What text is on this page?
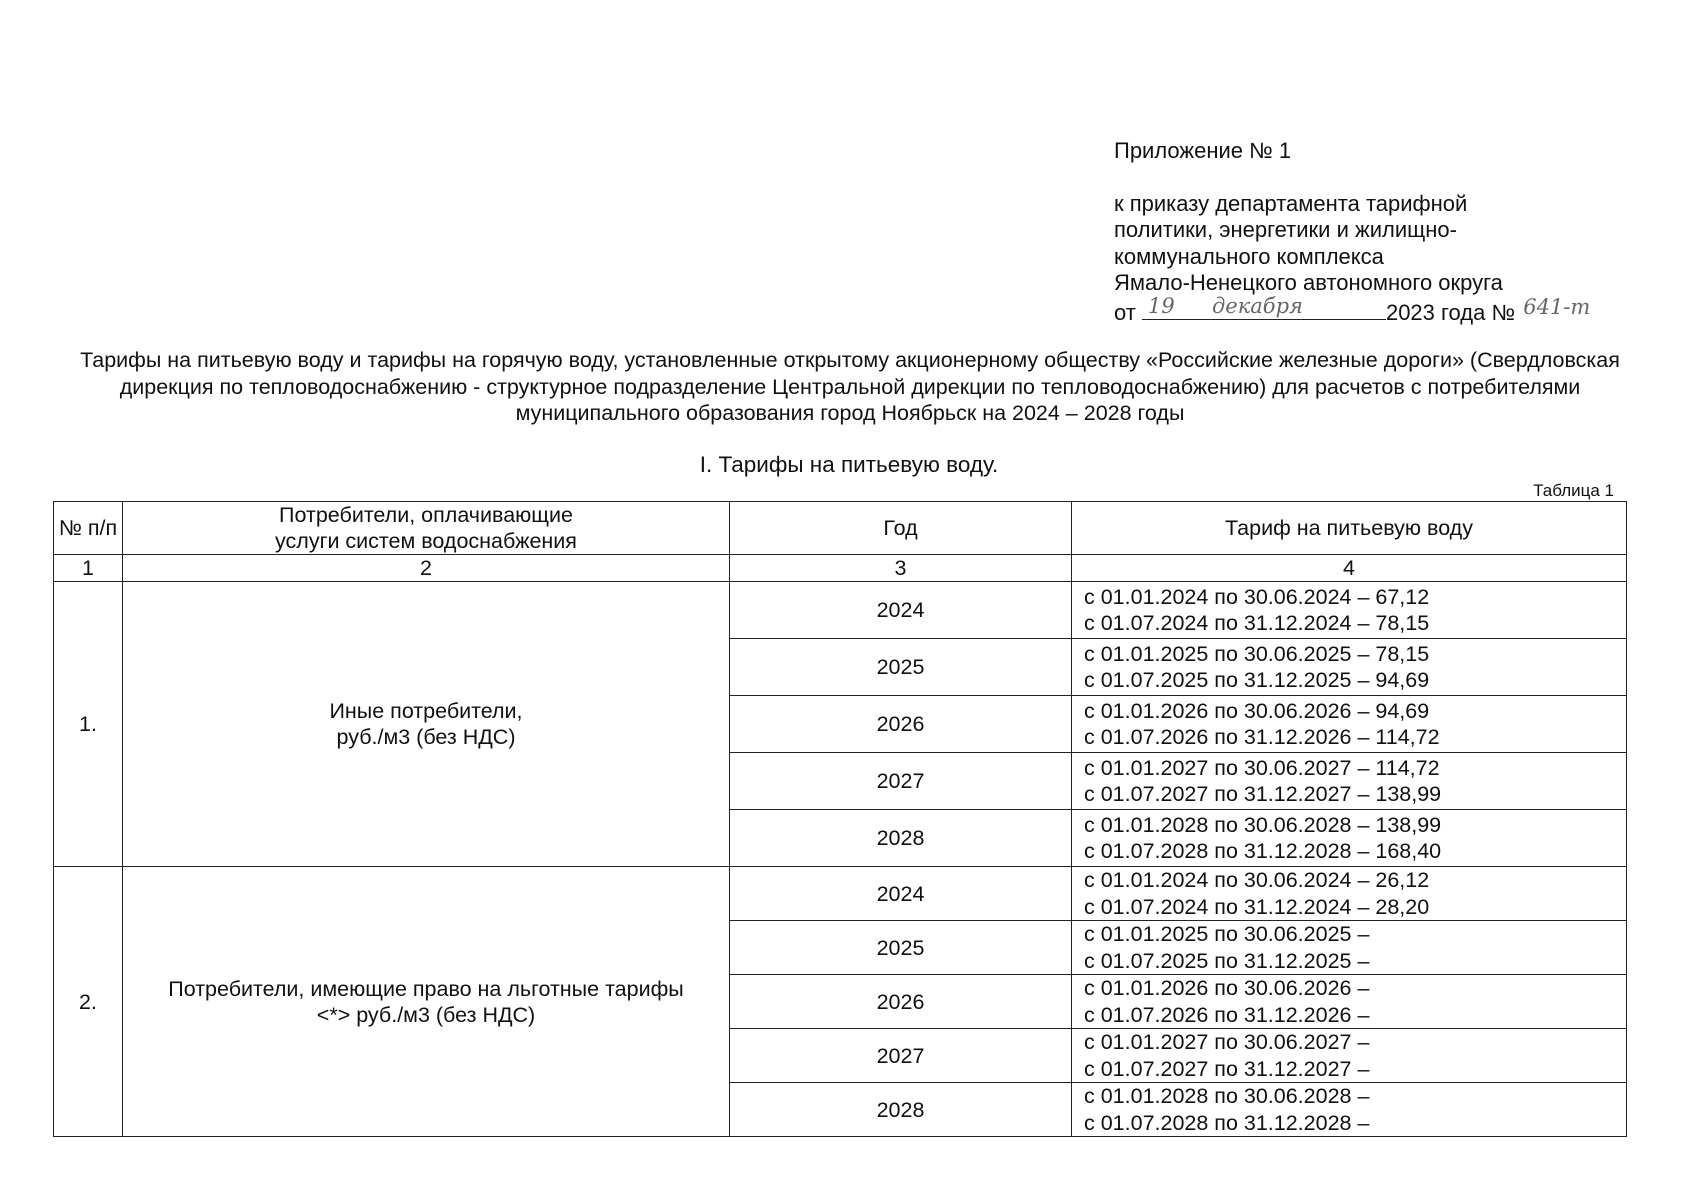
Приложение № 1
к приказу департамента тарифной
политики, энергетики и жилищно-
коммунального комплекса
Ямало-Ненецкого автономного округа
от 19 декабря	2023 года № 641-т
Тарифы на питьевую воду и тарифы на горячую воду, установленные открытому акционерному обществу «Российские железные дороги» (Свердловская дирекция по тепловодоснабжению - структурное подразделение Центральной дирекции по тепловодоснабжению) для расчетов с потребителями муниципального образования город Ноябрьск на 2024 – 2028 годы
I. Тарифы на питьевую воду.
Таблица 1
№ п/п	Потребители, оплачивающие услуги систем водоснабжения	Год	Тариф на питьевую воду
1	2	3	4
1.	Иные потребители, руб./м3 (без НДС)	2024	с 01.01.2024 по 30.06.2024 – 67,12
с 01.07.2024 по 31.12.2024 – 78,15

		2025	с 01.01.2025 по 30.06.2025 – 78,15
с 01.07.2025 по 31.12.2025 – 94,69

		2026	с 01.01.2026 по 30.06.2026 – 94,69
с 01.07.2026 по 31.12.2026 – 114,72

		2027	с 01.01.2027 по 30.06.2027 – 114,72
с 01.07.2027 по 31.12.2027 – 138,99

		2028	с 01.01.2028 по 30.06.2028 – 138,99
с 01.07.2028 по 31.12.2028 – 168,40

2.	Потребители, имеющие право на льготные тарифы <*> руб./м3 (без НДС)	2024	с 01.01.2024 по 30.06.2024 – 26,12
с 01.07.2024 по 31.12.2024 – 28,20

		2025	с 01.01.2025 по 30.06.2025 –
с 01.07.2025 по 31.12.2025 –

		2026	с 01.01.2026 по 30.06.2026 –
с 01.07.2026 по 31.12.2026 –

		2027	с 01.01.2027 по 30.06.2027 –
с 01.07.2027 по 31.12.2027 –

		2028	с 01.01.2028 по 30.06.2028 –
с 01.07.2028 по 31.12.2028 –
